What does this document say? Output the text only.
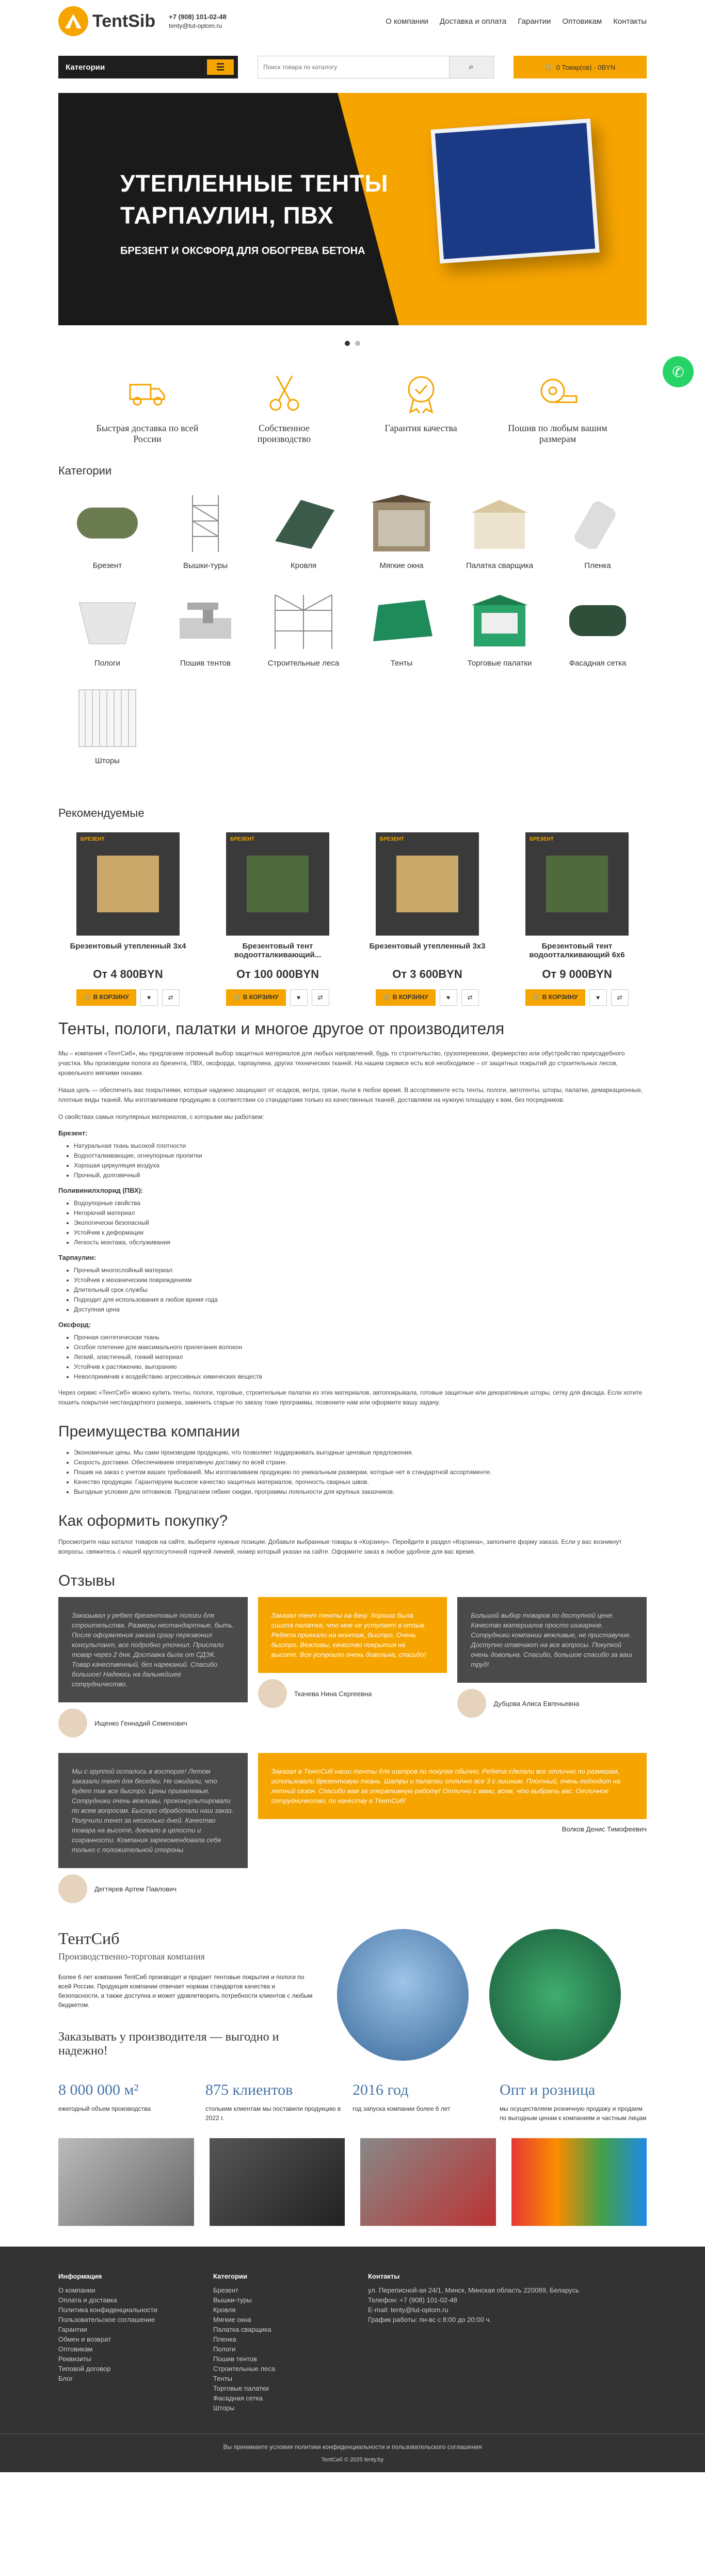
TentSib +7 (908) 101-02-48
tenty@tut-optom.ru	О компании Доставка и оплата Гарантии Оптовикам Контакты
Категории	☰
Поиск товара по каталогу	⌕	🛒 0 Товар(ов) - 0BYN
УТЕПЛЕННЫЕ ТЕНТЫ
ТАРПАУЛИН, ПВХ
БРЕЗЕНТ И ОКСФОРД ДЛЯ ОБОГРЕВА БЕТОНА
✆
Быстрая доставка по всей России
Собственное производство
Гарантия качества	Пошив по любым вашим размерам
Категории
Брезент	Вышки-туры	Кровля	Мягкие окна	Палатка сварщика	Пленка
Пологи	Пошив тентов	Строительные леса	Тенты	Торговые палатки	Фасадная сетка
Шторы
Рекомендуемые
БРЕЗЕНТ
Брезентовый утепленный 3х4
От 4 800BYN
🛒 В КОРЗИНУ	♥	⇄
БРЕЗЕНТ
Брезентовый тент водоотталкивающий...
От 100 000BYN
🛒 В КОРЗИНУ	♥	⇄
БРЕЗЕНТ
Брезентовый утепленный 3х3
От 3 600BYN
🛒 В КОРЗИНУ	♥	⇄
БРЕЗЕНТ
Брезентовый тент водоотталкивающий 6х6
От 9 000BYN
🛒 В КОРЗИНУ	♥	⇄
Тенты, пологи, палатки и многое другое от производителя

Мы – компания «ТентСиб», мы предлагаем огромный выбор защитных материалов для любых направлений, будь то строительство, грузоперевозки, фермерство или обустройство приусадебного участка. Мы производим пологи из брезента, ПВХ, оксфорда, тарпаулина, других технических тканей. На нашем сервисе есть всё необходимое – от защитных покрытий до строительных лесов, кровельного мягкими окнами.

Наша цель — обеспечить вас покрытиями, которые надежно защищают от осадков, ветра, грязи, пыли в любое время. В ассортименте есть тенты, пологи, автотенты, шторы, палатки, демаркационные, плотные виды тканей. Мы изготавливаем продукцию в соответствии со стандартами только из качественных тканей, доставляем на нужную площадку к вам, без посредников.

О свойствах самых популярных материалов, с которыми мы работаем:

Брезент:
• Натуральная ткань высокой плотности
• Водоотталкивающие, огнеупорные пропитки
• Хорошая циркуляция воздуха
• Прочный, долговечный
Поливинилхлорид (ПВХ):
• Водоупорные свойства
• Негорючий материал
• Экологически безопасный
• Устойчив к деформации
• Легкость монтажа, обслуживания
Тарпаулин:
• Прочный многослойный материал
• Устойчив к механическим повреждениям
• Длительный срок службы
• Подходит для использования в любое время года
• Доступная цена
Оксфорд:
• Прочная синтетическая ткань
• Особое плетение для максимального прилегания волокон
• Легкий, эластичный, тонкий материал
• Устойчив к растяжению, выгоранию
• Невосприимчив к воздействию агрессивных химических веществ

Через сервис «ТентСиб» можно купить тенты, пологи, торговые, строительные палатки из этих материалов, автопокрывала, готовые защитные или декоративные шторы, сетку для фасада. Если хотите пошить покрытия нестандартного размера, заменить старые по заказу тоже программы, позвоните нам или оформите вашу задачу.

Преимущества компании
• Экономичные цены. Мы сами производим продукцию, что позволяет поддерживать выгодные ценовые предложения.
• Скорость доставки. Обеспечиваем оперативную доставку по всей стране.
• Пошив на заказ с учетом ваших требований. Мы изготавливаем продукцию по уникальным размерам, которые нет в стандартной ассортименте.
• Качество продукции. Гарантируем высокое качество защитных материалов, прочность сварных швов.
• Выгодные условия для оптовиков. Предлагаем гибкие скидки, программы лояльности для крупных заказчиков.
Как оформить покупку?

Просмотрите наш каталог товаров на сайте, выберите нужные позиции. Добавьте выбранные товары в «Корзину». Перейдите в раздел «Корзина», заполните форму заказа. Если у вас возникнут вопросы, свяжитесь с нашей круглосуточной горячей линией, номер который указан на сайте. Оформите заказ в любое удобное для вас время.

Отзывы
Заказывал у ребят брезентовые пологи для строительства. Размеры нестандартные, быть. После оформления заказа сразу перезвонил консультант, все подробно уточнил. Прислали товар через 2 дня. Доставка была от СДЭК. Товар качественный, без нареканий. Спасибо большое! Надеюсь на дальнейшее сотрудничество.
Ищенко Геннадий Семенович
Заказал тент тенты на дачу. Хорошо была сшита палатка, что мне не уступает в отзыв. Ребята приехали на монтаж, быстро. Очень быстро. Вежливы, качество покрытия на высоте. Все устроило очень довольна, спасибо!
Ткачева Нина Сергеевна
Большой выбор товаров по доступной цене. Качество материалов просто шикарное. Сотрудники компании вежливые, не приставучие. Доступно отвечают на все вопросы. Покупкой очень довольна. Спасибо, большое спасибо за ваш труд!
Дубцова Алиса Евгеньевна
Мы с группой остались в восторге! Летом заказали тент для беседки. Не ожидали, что будет так все быстро. Цены приемлемые. Сотрудники очень вежливы, проконсультировали по всем вопросам. Быстро обработали наш заказ. Получили тент за несколько дней. Качество товара на высоте, доехало в целости и сохранности. Компания зарекомендовала себя только с положительной стороны.
Дегтярев Артем Павлович
Заказал в ТентСиб наши тенты для шатров по покупке обычно. Ребята сделали все отлично по размерам, использовали брезентовую ткань. Шатры и палатки отлично все 3 с лишним. Плотный, очень подходит на летний сезон. Спасибо вам за оперативную работу! Отлично с вами, всем, что выбрать вас. Отличное сотрудничество, по качеству в ТентСиб!
Волков Денис Тимофеевич
ТентСиб
Производственно-торговая компания

Более 6 лет компания TentСиб производит и продает тентовые покрытия и пологи по всей России. Продукция компании отвечает нормам стандартов качества и безопасности, а также доступна и может удовлетворить потребности клиентов с любым бюджетом.

Заказывать у производителя — выгодно и надежно!
8 000 000 м²
ежегодный объем производства
875 клиентов
стольким клиентам мы поставили продукцию в 2022 г.
2016 год
год запуска компании более 6 лет
Опт и розница
мы осуществляем розничную продажу и продаем по выгодным ценам к компаниям и частным лицам
Информация
О компании
Оплата и доставка
Политика конфиденциальности
Пользовательское соглашение
Гарантии
Обмен и возврат
Оптовикам
Реквизиты
Типовой договор
Блог
Категории
Брезент
Вышки-туры
Кровля
Мягкие окна
Палатка сварщика
Пленка
Пологи
Пошив тентов
Строительные леса
Тенты
Торговые палатки
Фасадная сетка
Шторы
Контакты
ул. Переписной-ая 24/1, Минск, Минская область 220089, Беларусь
Телефон: +7 (908) 101-02-48
E-mail: tenty@tut-optom.ru
График работы: пн-вс с 8:00 до 20:00 ч.
Вы принимаете условия политики конфиденциальности и пользовательского соглашения
TentСиб © 2025 tenty.by
